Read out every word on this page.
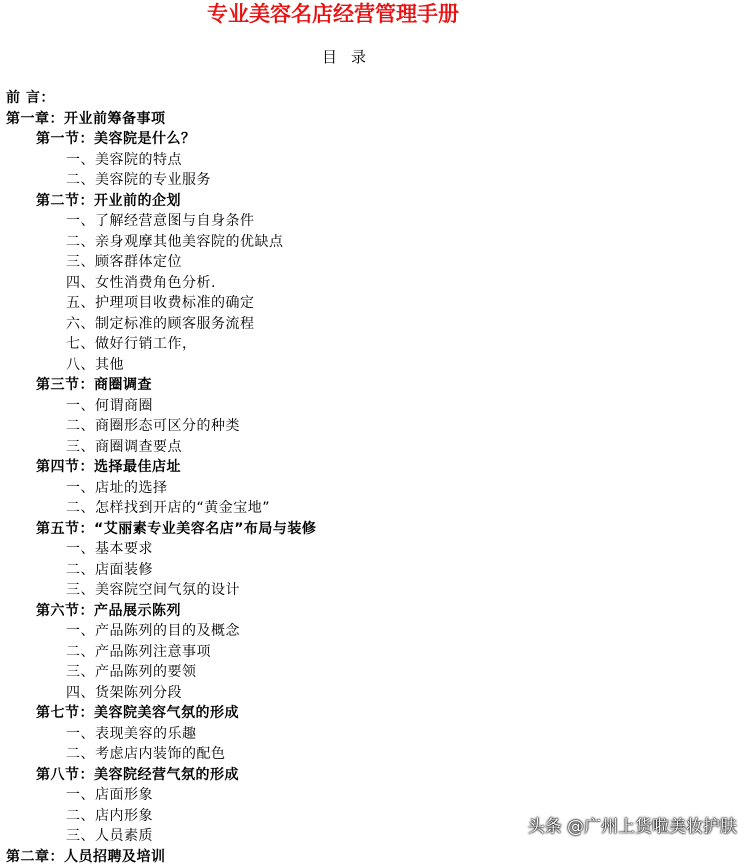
专业美容名店经营管理手册
目录
前 言：
第一章：开业前筹备事项
第一节：美容院是什么？
一、美容院的特点
二、美容院的专业服务
第二节：开业前的企划
一、了解经营意图与自身条件
二、亲身观摩其他美容院的优缺点
三、顾客群体定位
四、女性消费角色分析.
五、护理项目收费标准的确定
六、制定标准的顾客服务流程
七、做好行销工作，
八、其他
第三节：商圈调查
一、何谓商圈
二、商圈形态可区分的种类
三、商圈调查要点
第四节：选择最佳店址
一、店址的选择
二、怎样找到开店的“黄金宝地”
第五节：“艾丽素专业美容名店”布局与装修
一、基本要求
二、店面装修
三、美容院空间气氛的设计
第六节：产品展示陈列
一、产品陈列的目的及概念
二、产品陈列注意事项
三、产品陈列的要领
四、货架陈列分段
第七节：美容院美容气氛的形成
一、表现美容的乐趣
二、考虑店内装饰的配色
第八节：美容院经营气氛的形成
一、店面形象
二、店内形象
三、人员素质
第二章：人员招聘及培训
头条 @广州上货啦美妆护肤
